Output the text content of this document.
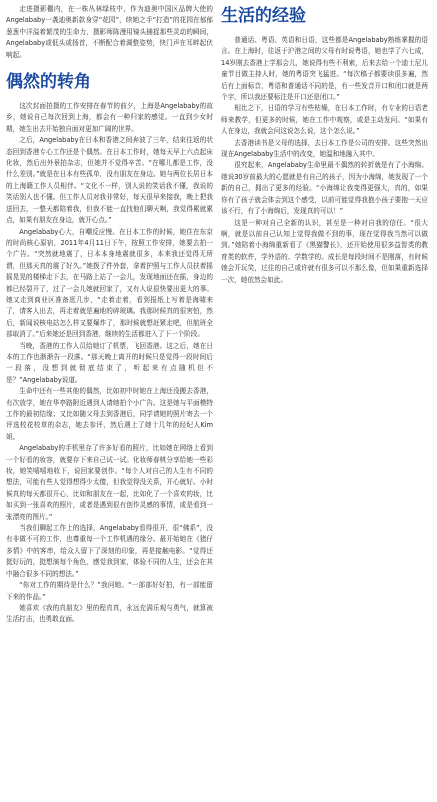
走进摄影棚内，在一株丛林绿枝中，作为迪奥中国区品牌大使的Angelababy一袭迪奥新款身穿“花园”，续她之手“打造”的花园在郁郁葱葱中洋溢着繁茂的生命力，摄影师陈漫用镜头捕捉那些灵动的瞬间，Angelababy或低头或扬首，不断配合着调整姿势，快门声在耳畔起伏响起。

偶然的转角

这次封面拍摄的工作安排在春节的前夕，上海是Angelababy的故乡，她说自己每次回到上海，都会有一种归家的感觉。一直到少女时期，她生出去开始独自面对更加广阔的世界。

之后，Angelababy在日本和香港之间奔波了三年，结束往返的状态回到香港专心工作还是个偶然。在日本工作时，她每天早上六点起床化妆，然后出外景拍杂志，但她并不觉得辛苦。“在哪儿都是工作，没什么差别。”就是在日本有些孤单，没有朋友在身边。她与两位长居日本的上海籍工作人员相伴。“文化不一样，别人说的笑话我不懂，我说的笑话别人也不懂。但工作人员对我非常好，每天很早来接我，晚上把我送回去，一整天都陪着我，但我不能一直找他们聊天啊，我觉得累就累点，如果有朋友在身边，就开心点。”

Angelababy心大，自嘲反应慢。在日本工作的时候，她住在东京的时尚核心原宿，2011年4月11日下午，按照工作安排，她要去拍一个广告。“突然就地震了，日本本身地震就很多，本来我还觉得无所谓，但那天真的震了好久。”她拨了件外套，拿着护照与工作人员扶着摇摇晃晃的楼梯走下去，在马路上站了一会儿，发现地面还在摇，身边的都已经裂开了，过了一会儿她就回家了，又有人说很快要出更大的事。她又走到商业区准备逛几步，“走着走着，看到报纸上写着是海啸来了，请客人出去，再走着就是遍地的碎玻璃。我那时候真的很害怕，然后，新闻说核电站怎么样又要爆炸了，那时候就想赶紧走吧，但航班全部取消了。”后来她还是回到香港，继续的生活都进入了下一个阶段。

当晚，香港的工作人员给她订了机票，飞回香港。这之后，她在日本的工作也渐渐告一段落。“那天晚上离开的时候只是觉得一段时间后一段落，没想到就彻底结束了，听起来有点随机但不是？”Angelababy说道。

生命中还有一些其他的偶然，比如初中时她在上海还没搬去香港，有次放学，她在华亭路附近遇到人请她拍个小广告。这是她与平面模特工作的最初结缘；又比如随父母去到香港后，同学请她的照片寄去一个评选校花校草的杂志，她去参评，然后遇上了她十几年的经纪人Kim姐。

Angelababy的手机里存了许多好看的照片，比如她在网络上看到一个好看的妆容，就要存下来自己试一试。化妆师春桃分享给她一些彩妆，她笑嘻嘻地收下，说回家要创作。“每个人对自己的人生有不同的想法，可能有些人觉得想得少太傻，但我觉得没关系，开心就好。小时候真的每天都很开心，比如和朋友在一起，比如化了一个喜欢的妆，比如买到一张喜欢的照片，或者是遇到很有创作灵感的事情，或是看到一张漂亮的图片。”

当我们聊起工作上的选择，Angelababy看得很开，很“佛系”，没有非做不可的工作，也尊重每一个工作机遇的缘分。最开始她在《猪仔多情》中的客串，给众人留下了深刻的印象，再是接触电影。“觉得还挺好玩的，挺想演每个角色，感觉我到家，体验不同的人生，还会在其中融合很多不同的想法。”

“你对工作的期待是什么？”我问她。“一部部好好拍，有一部能留下来的作品。”

她喜欢《我的真朋友》里的程真真，永远充满乐观与勇气，就算被生活打击，也勇敢直面。

生活的经验

普通话、粤语、英语和日语，这些都是Angelababy熟练掌握的语言。在上海时，往返于沪港之间的父母有时说粤语，她也学了六七成，14岁刚去香港上学那会儿，她说得有些不利索，后来去给一个迪士尼儿童节目做主持人时，她的粤语突飞猛进。“每次稿子都要读很多遍，然后有上面标音，粤语和普通话不同的是，有一些发音开口和闭口就是两个字，所以我还要标注是开口还是闭口。”

相比之下，日语的学习有些枯燥，在日本工作时，有专业的日语老师来教学，但更多的时候，她在工作中观察，或是主动发问。“如果有人在身边，我就会问这说怎么说，这个怎么说。”

去香港读书是父母的选择，去日本工作是公司的安排。这些突然出现在Angelababy生活中的改变，她温和地融入其中。

很究起来，Angelababy生命里最不偶然的转折就是有了小海绵。她说30岁前最大的心愿就是有自己的孩子，因为小海绵，她发现了一个新的自己，拥出了更多的经验。“小海绵让我变得更强大，真的，如果你有了孩子就会体会到这个感受，以前可能觉得我抱小孩子要抱一天应该不行，有了小海绵后，发现真的可以！”

这是一种对自己全新的认识，甚至是一种对自我的信任。“很大啊，就是以前自己认知上觉得我做不到的事，现在觉得我当然可以做到。”她陪着小海绵重新看了《黑猫警长》，还开始使用很多益智类的教育类的软件，学外语的、学数学的。成长是每段时间不是刚落，有时候她会开玩笑，过往的自己或许就有很多可以不那么像，但如果重新选择一次，她依然会如此。
